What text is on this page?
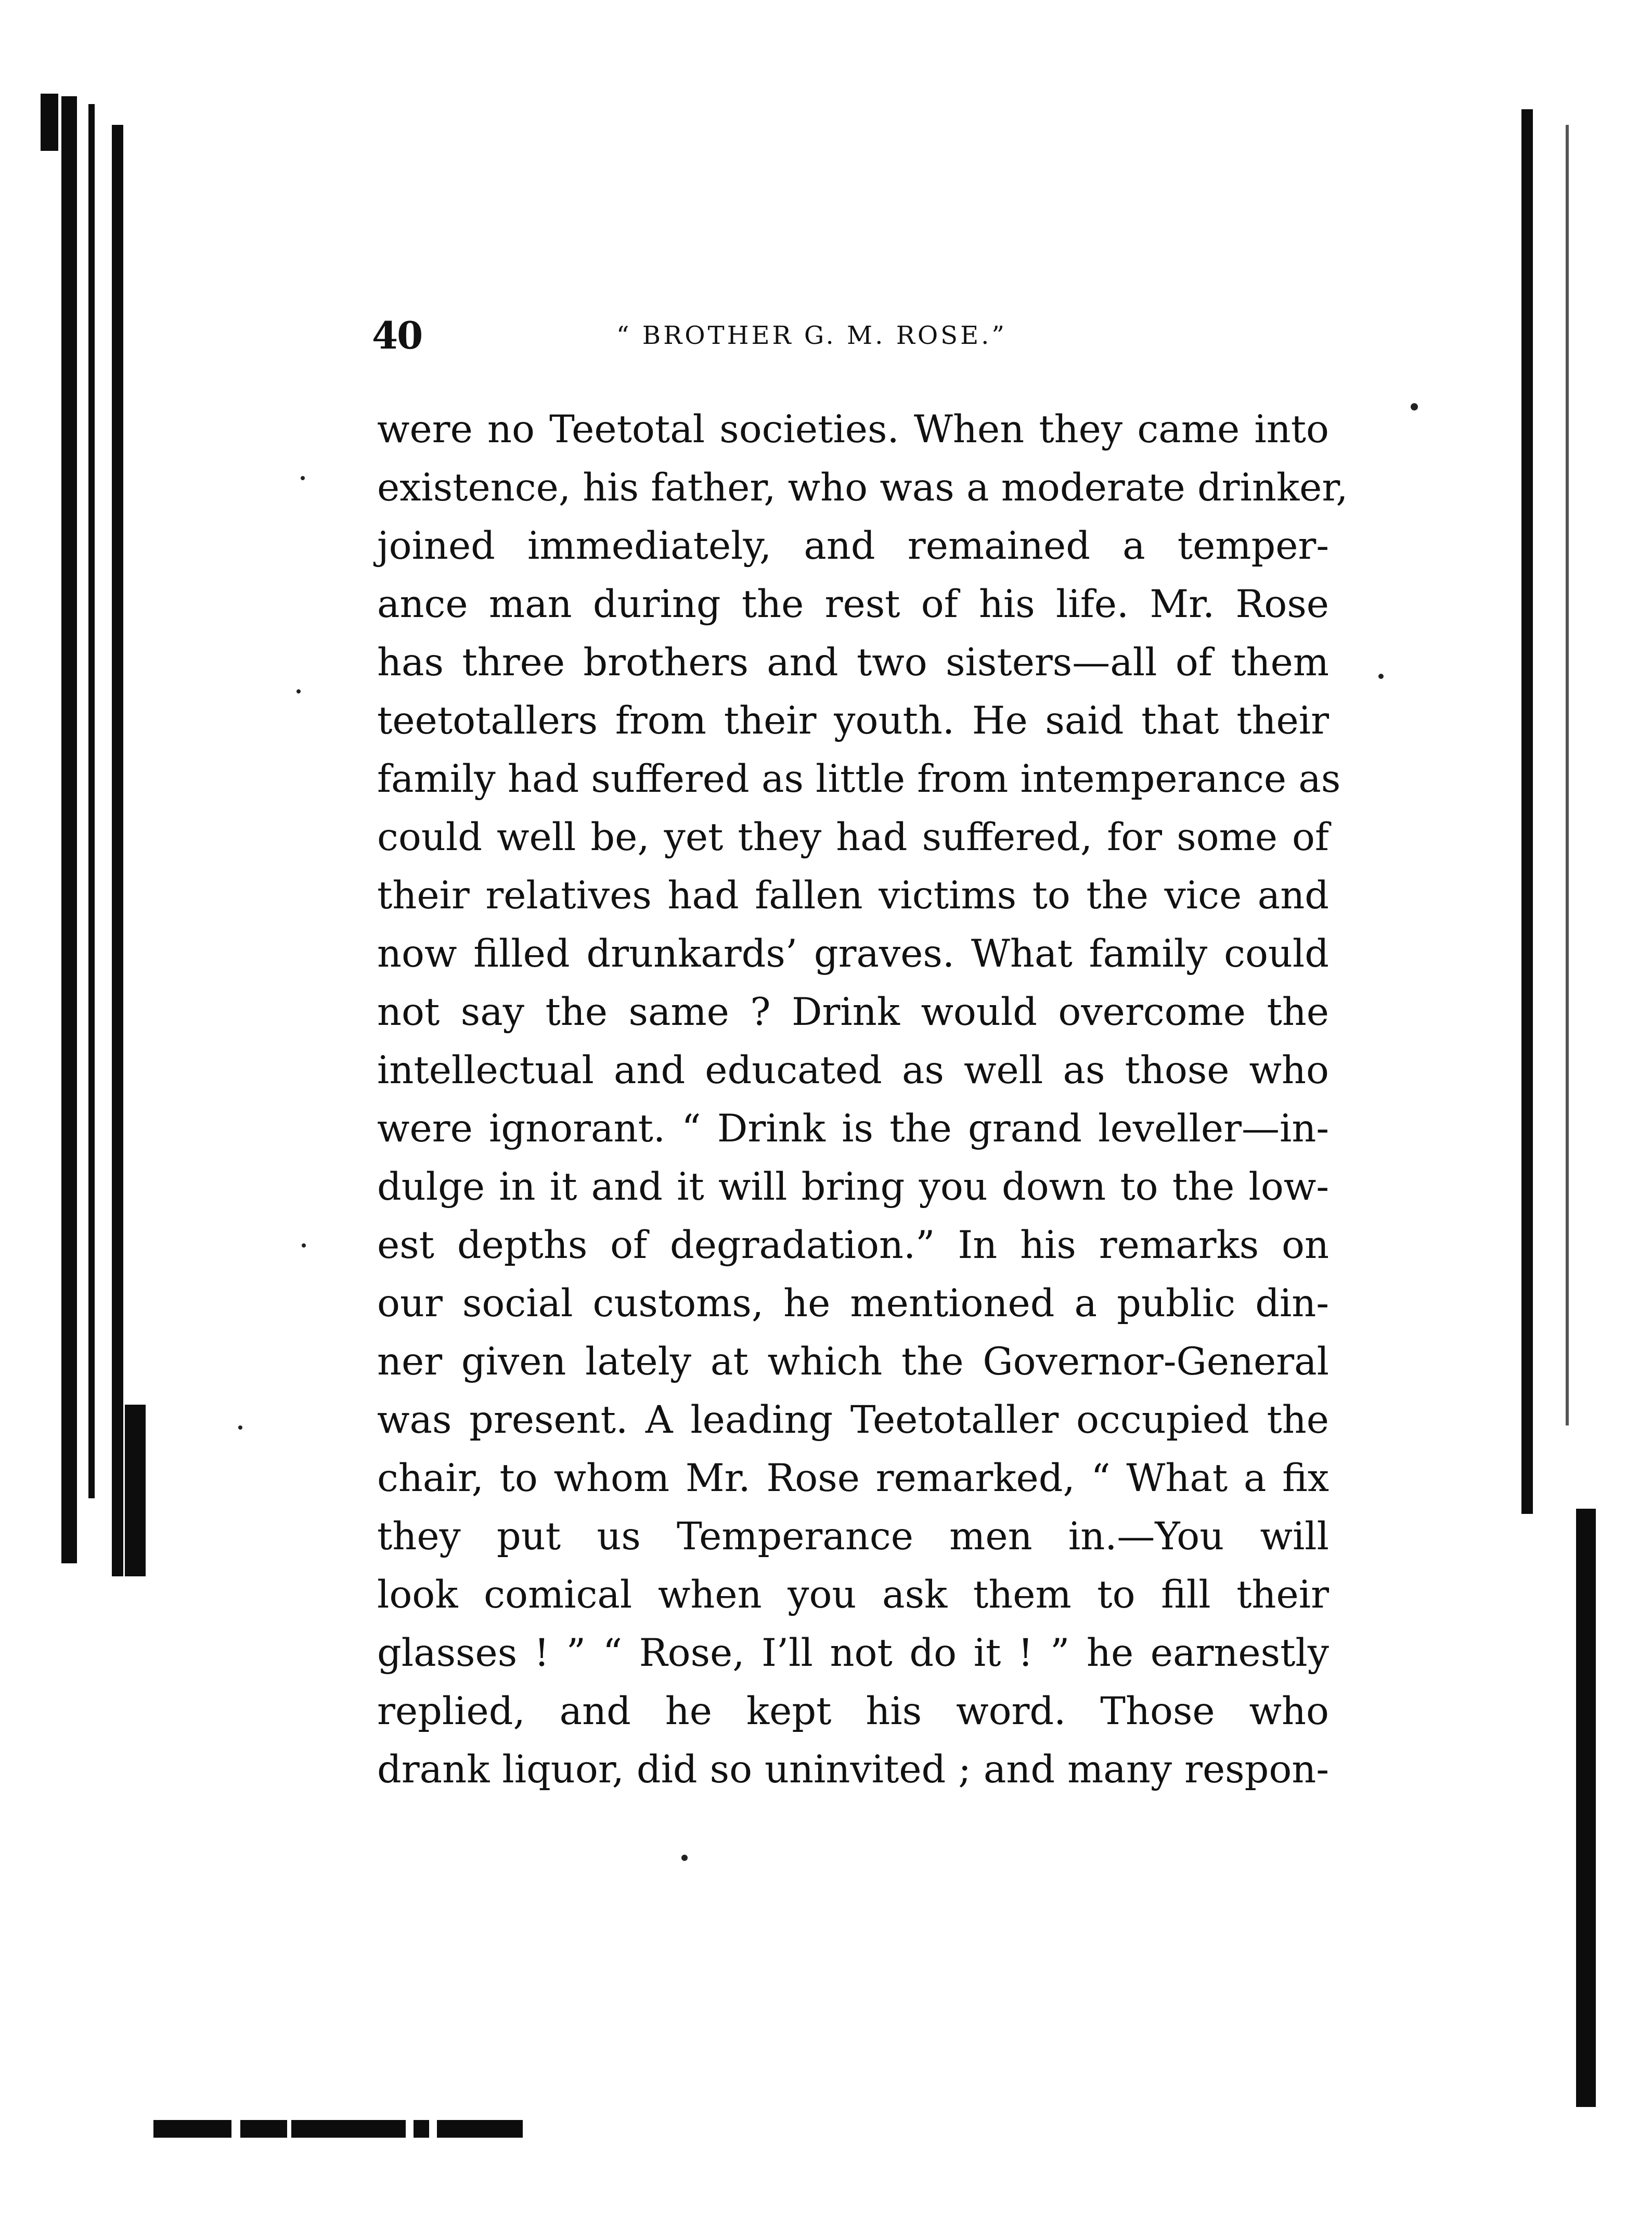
40	“ BROTHER G. M. ROSE.”
were no Teetotal societies. When they came into
existence, his father, who was a moderate drinker,
joined immediately, and remained a temper-
ance man during the rest of his life. Mr. Rose
has three brothers and two sisters—all of them
teetotallers from their youth. He said that their
family had suffered as little from intemperance as
could well be, yet they had suffered, for some of
their relatives had fallen victims to the vice and
now filled drunkards’ graves. What family could
not say the same ? Drink would overcome the
intellectual and educated as well as those who
were ignorant. “ Drink is the grand leveller—in-
dulge in it and it will bring you down to the low-
est depths of degradation.” In his remarks on
our social customs, he mentioned a public din-
ner given lately at which the Governor-General
was present. A leading Teetotaller occupied the
chair, to whom Mr. Rose remarked, “ What a fix
they put us Temperance men in.—You will
look comical when you ask them to fill their
glasses ! ” “ Rose, I’ll not do it ! ” he earnestly
replied, and he kept his word. Those who
drank liquor, did so uninvited ; and many respon-
